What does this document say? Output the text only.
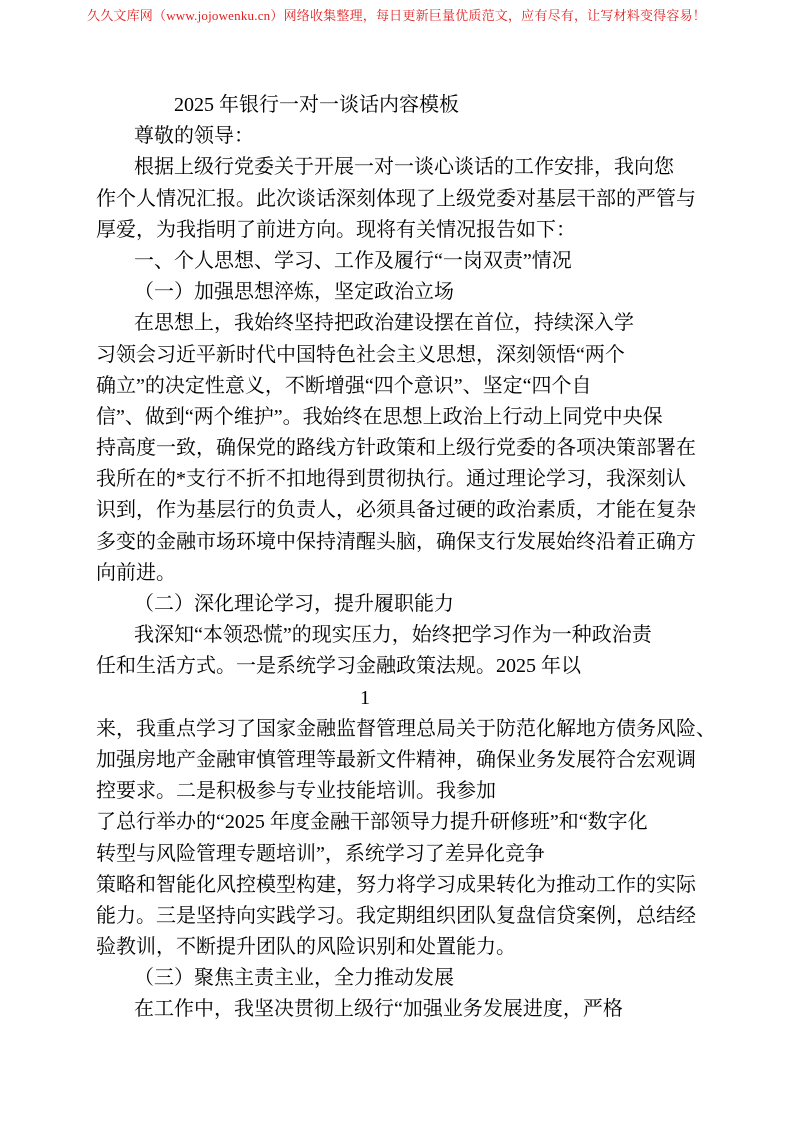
久久文库网（www.jojowenku.cn）网络收集整理，每日更新巨量优质范文，应有尽有，让写材料变得容易！
2025 年银行一对一谈话内容模板
尊敬的领导：
根据上级行党委关于开展一对一谈心谈话的工作安排，我向您
作个人情况汇报。此次谈话深刻体现了上级党委对基层干部的严管与
厚爱，为我指明了前进方向。现将有关情况报告如下：
一、个人思想、学习、工作及履行“一岗双责”情况
（一）加强思想淬炼，坚定政治立场
在思想上，我始终坚持把政治建设摆在首位，持续深入学
习领会习近平新时代中国特色社会主义思想，深刻领悟“两个
确立”的决定性意义，不断增强“四个意识”、坚定“四个自
信”、做到“两个维护”。我始终在思想上政治上行动上同党中央保
持高度一致，确保党的路线方针政策和上级行党委的各项决策部署在
我所在的*支行不折不扣地得到贯彻执行。通过理论学习，我深刻认
识到，作为基层行的负责人，必须具备过硬的政治素质，才能在复杂
多变的金融市场环境中保持清醒头脑，确保支行发展始终沿着正确方
向前进。
（二）深化理论学习，提升履职能力
我深知“本领恐慌”的现实压力，始终把学习作为一种政治责
任和生活方式。一是系统学习金融政策法规。2025 年以
1
来，我重点学习了国家金融监督管理总局关于防范化解地方债务风险、
加强房地产金融审慎管理等最新文件精神，确保业务发展符合宏观调
控要求。二是积极参与专业技能培训。我参加
了总行举办的“2025 年度金融干部领导力提升研修班”和“数字化
转型与风险管理专题培训”，系统学习了差异化竞争
策略和智能化风控模型构建，努力将学习成果转化为推动工作的实际
能力。三是坚持向实践学习。我定期组织团队复盘信贷案例，总结经
验教训，不断提升团队的风险识别和处置能力。
（三）聚焦主责主业，全力推动发展
在工作中，我坚决贯彻上级行“加强业务发展进度，严格
